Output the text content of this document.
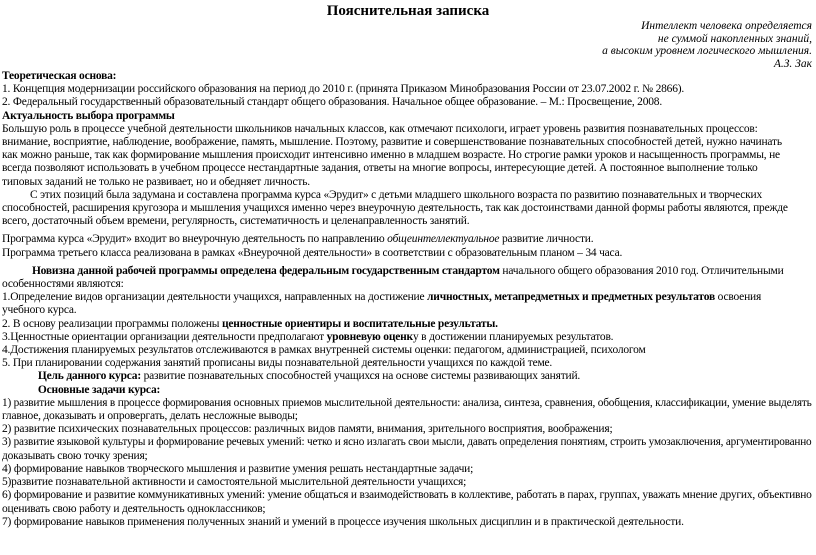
Пояснительная записка
Интеллект человека определяется
не суммой накопленных знаний,
а высоким уровнем логического мышления.
А.З. Зак

Теоретическая основа:

1. Концепция модернизации российского образования на период до 2010 г. (принята Приказом Минобразования России от 23.07.2002 г. № 2866).

2. Федеральный государственный образовательный стандарт общего образования. Начальное общее образование. – М.: Просвещение, 2008.

Актуальность выбора программы

Большую роль в процессе учебной деятельности школьников начальных классов, как отмечают психологи, играет уровень развития познавательных процессов:

внимание, восприятие, наблюдение, воображение, память, мышление. Поэтому, развитие и совершенствование познавательных способностей детей, нужно начинать

как можно раньше, так как формирование мышления происходит интенсивно именно в младшем возрасте. Но строгие рамки уроков и насыщенность программы, не

всегда позволяют использовать в учебном процессе нестандартные задания, ответы на многие вопросы, интересующие детей. А постоянное выполнение только

типовых заданий не только не развивает, но и обедняет личность.

С этих позиций была задумана и составлена программа курса «Эрудит» с детьми младшего школьного возраста по развитию познавательных и творческих

способностей, расширения кругозора и мышления учащихся именно через внеурочную деятельность, так как достоинствами данной формы работы являются, прежде

всего, достаточный объем времени, регулярность, систематичность и целенаправленность занятий.

Программа курса «Эрудит» входит во внеурочную деятельность по направлению общеинтеллектуальное развитие личности.

Программа третьего класса реализована в рамках «Внеурочной деятельности» в соответствии с образовательным планом – 34 часа.

Новизна данной рабочей программы определена федеральным государственным стандартом начального общего образования 2010 год. Отличительными

особенностями являются:

1.Определение видов организации деятельности учащихся, направленных на достижение личностных, метапредметных и предметных результатов освоения

учебного курса.

2. В основу реализации программы положены ценностные ориентиры и воспитательные результаты.

3.Ценностные ориентации организации деятельности предполагают уровневую оценку в достижении планируемых результатов.

4.Достижения планируемых результатов отслеживаются в рамках внутренней системы оценки: педагогом, администрацией, психологом

5. При планировании содержания занятий прописаны виды познавательной деятельности учащихся по каждой теме.

Цель данного курса: развитие познавательных способностей учащихся на основе системы развивающих занятий.

Основные задачи курса:

1) развитие мышления в процессе формирования основных приемов мыслительной деятельности: анализа, синтеза, сравнения, обобщения, классификации, умение выделять

главное, доказывать и опровергать, делать несложные выводы;

2) развитие психических познавательных процессов: различных видов памяти, внимания, зрительного восприятия, воображения;

3) развитие языковой культуры и формирование речевых умений: четко и ясно излагать свои мысли, давать определения понятиям, строить умозаключения, аргументированно

доказывать свою точку зрения;

4) формирование навыков творческого мышления и развитие умения решать нестандартные задачи;

5)развитие познавательной активности и самостоятельной мыслительной деятельности учащихся;

6) формирование и развитие коммуникативных умений: умение общаться и взаимодействовать в коллективе, работать в парах, группах, уважать мнение других, объективно

оценивать свою работу и деятельность одноклассников;

7) формирование навыков применения полученных знаний и умений в процессе изучения школьных дисциплин и в практической деятельности.
